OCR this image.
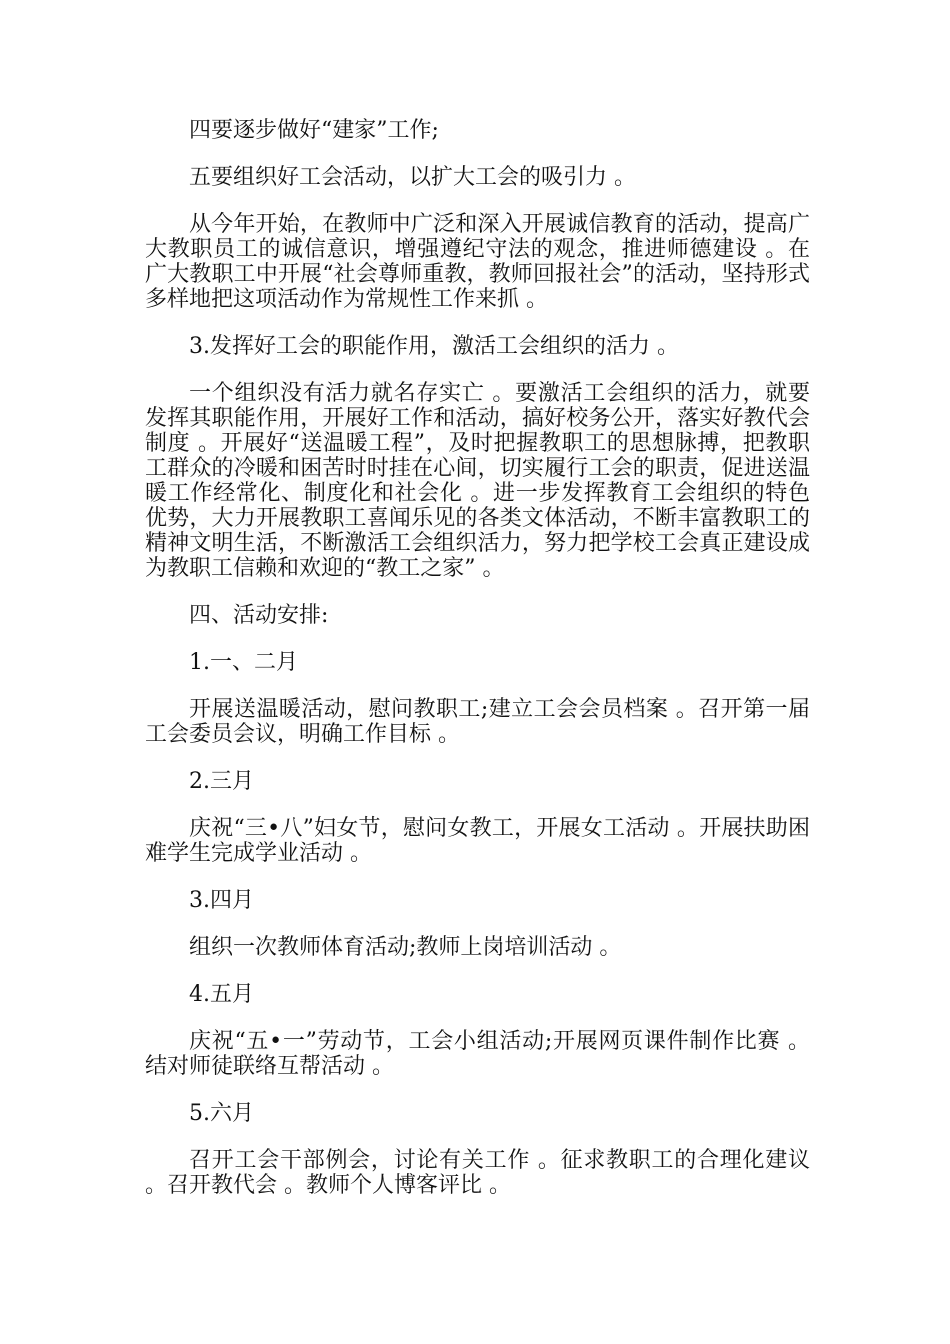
四要逐步做好“建家”工作;

五要组织好工会活动，以扩大工会的吸引力 。

从今年开始，在教师中广泛和深入开展诚信教育的活动，提高广大教职员工的诚信意识，增强遵纪守法的观念，推进师德建设 。在广大教职工中开展“社会尊师重教，教师回报社会”的活动，坚持形式多样地把这项活动作为常规性工作来抓 。

3.发挥好工会的职能作用，激活工会组织的活力 。

一个组织没有活力就名存实亡 。要激活工会组织的活力，就要发挥其职能作用，开展好工作和活动，搞好校务公开，落实好教代会制度 。开展好“送温暖工程”，及时把握教职工的思想脉搏，把教职工群众的冷暖和困苦时时挂在心间，切实履行工会的职责，促进送温暖工作经常化、制度化和社会化 。进一步发挥教育工会组织的特色优势，大力开展教职工喜闻乐见的各类文体活动，不断丰富教职工的精神文明生活，不断激活工会组织活力，努力把学校工会真正建设成为教职工信赖和欢迎的“教工之家” 。

四、活动安排:

1.一、二月

开展送温暖活动，慰问教职工;建立工会会员档案 。召开第一届工会委员会议，明确工作目标 。

2.三月

庆祝“三•八”妇女节，慰问女教工，开展女工活动 。开展扶助困难学生完成学业活动 。

3.四月

组织一次教师体育活动;教师上岗培训活动 。

4.五月

庆祝“五•一”劳动节，工会小组活动;开展网页课件制作比赛 。结对师徒联络互帮活动 。

5.六月

召开工会干部例会，讨论有关工作 。征求教职工的合理化建议 。召开教代会 。教师个人博客评比 。
